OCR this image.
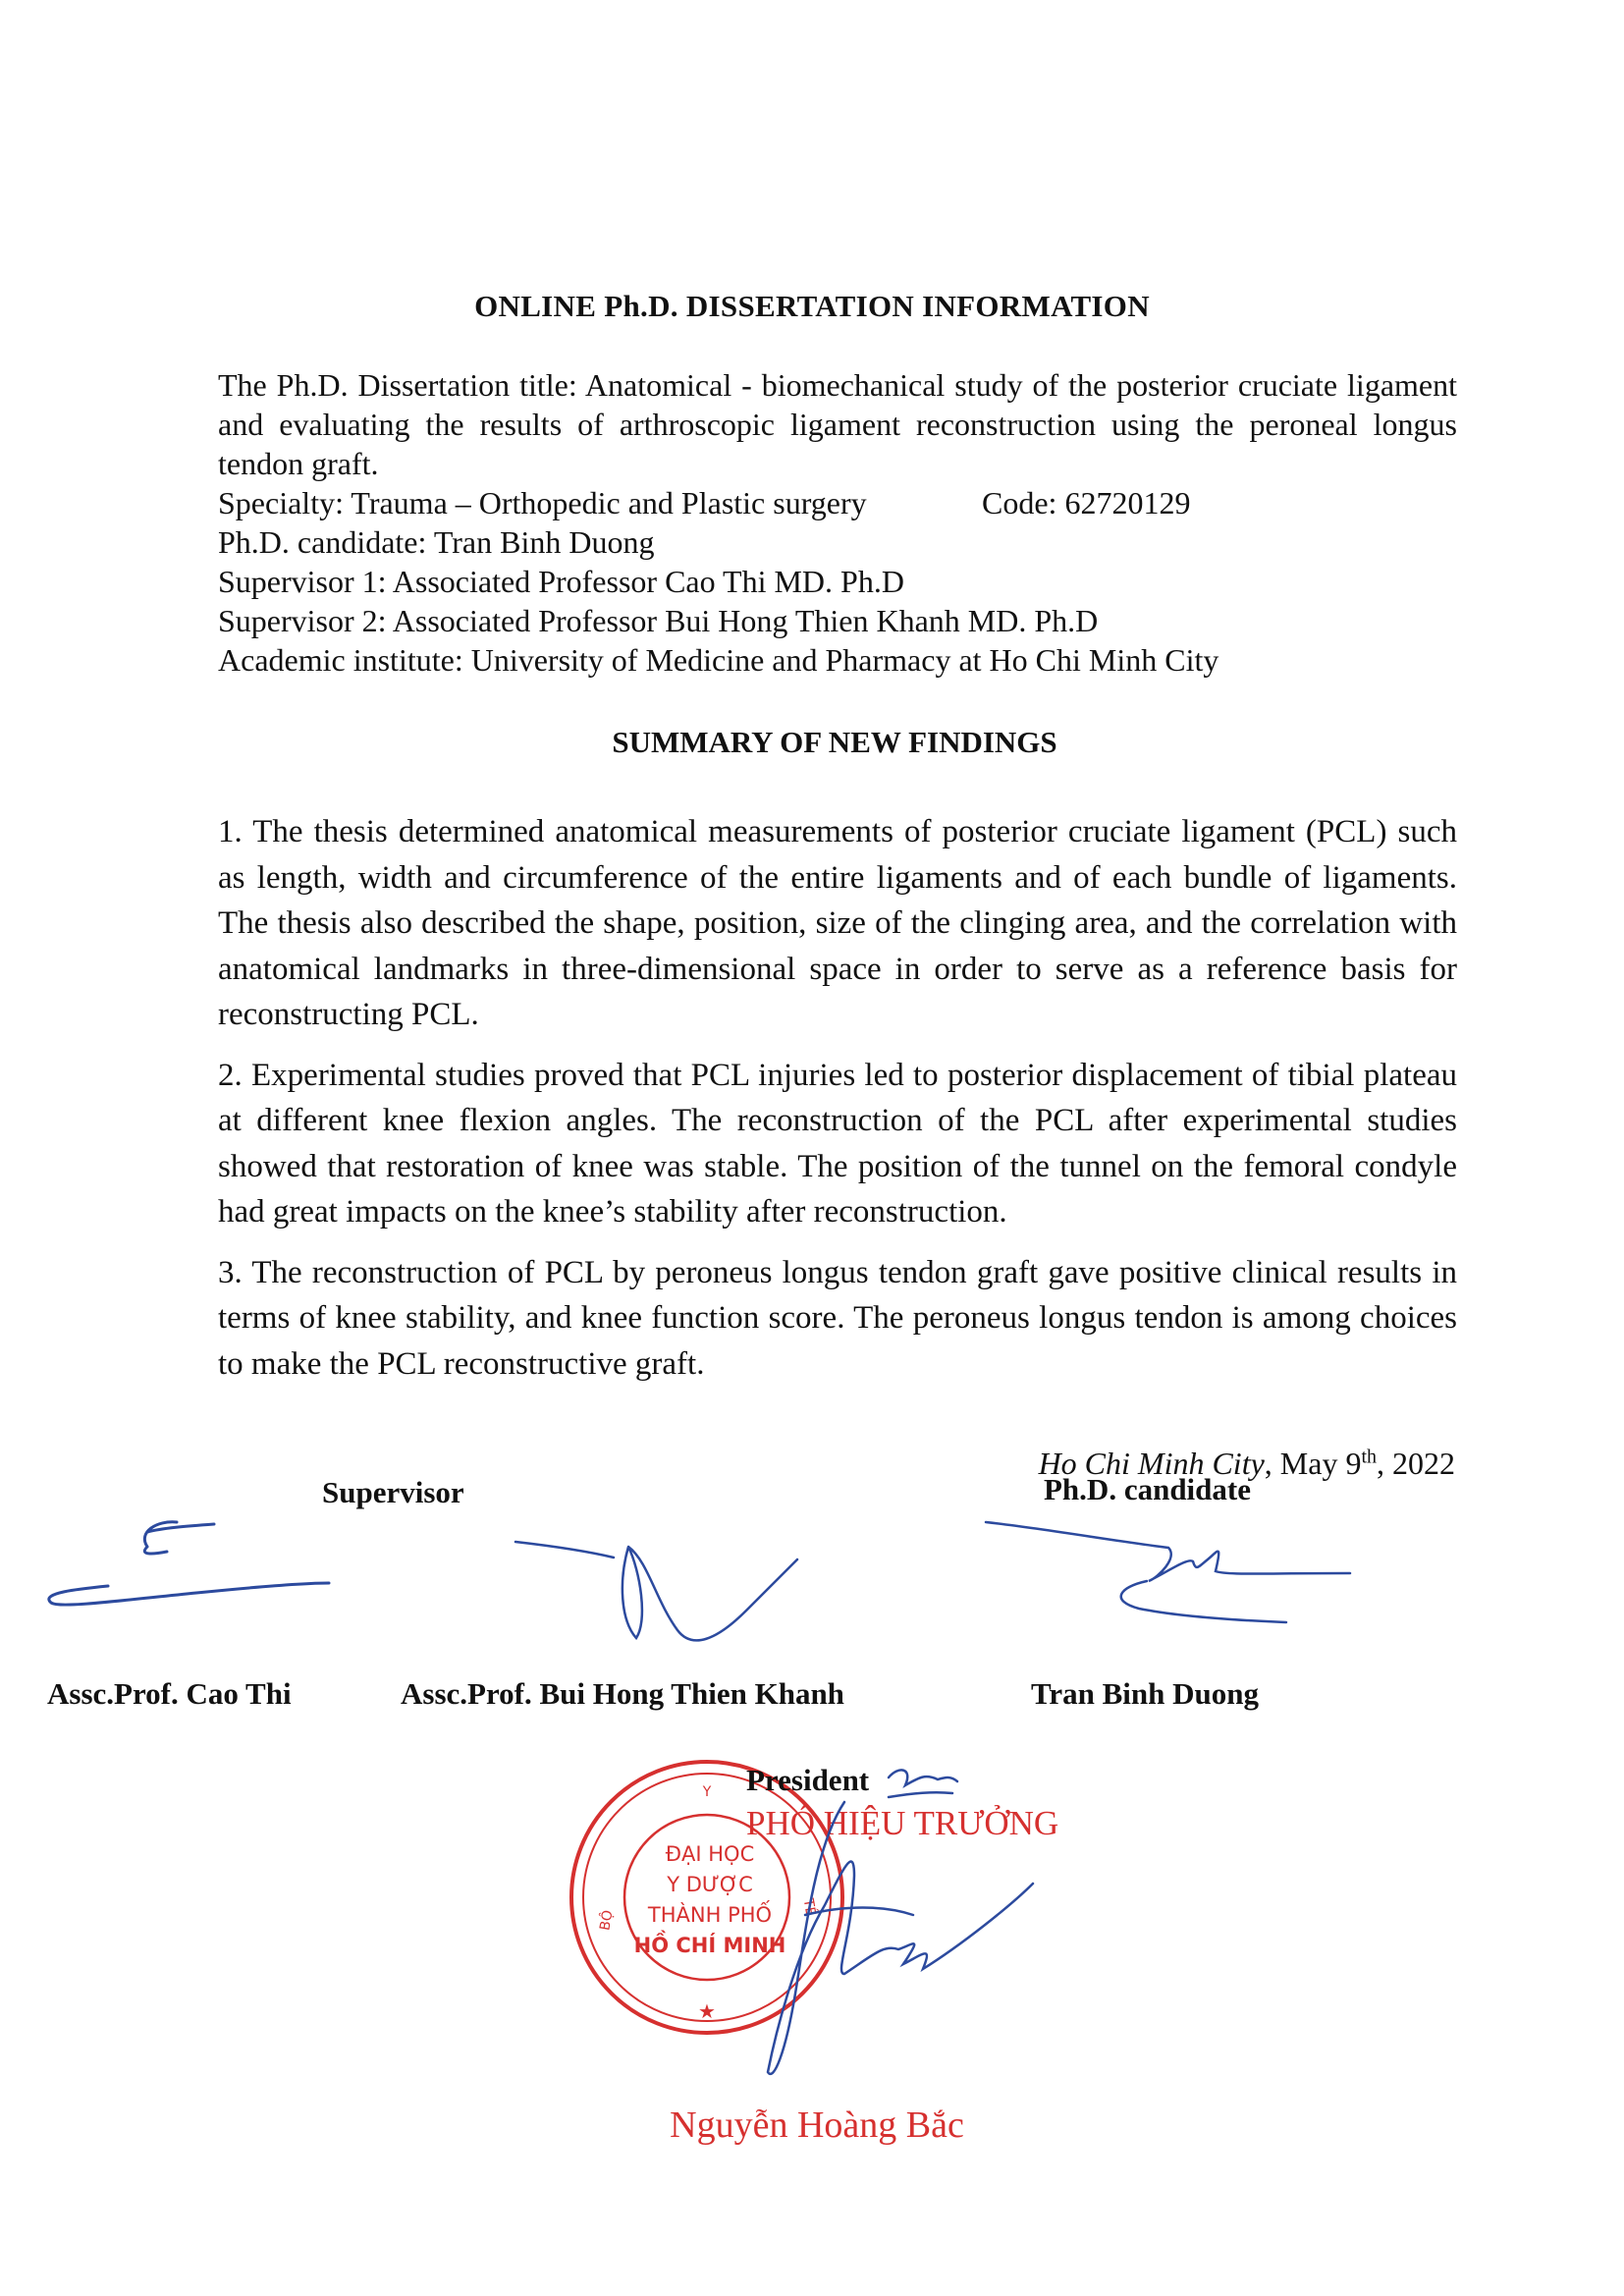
ONLINE Ph.D. DISSERTATION INFORMATION

The Ph.D. Dissertation title: Anatomical - biomechanical study of the posterior cruciate ligament and evaluating the results of arthroscopic ligament reconstruction using the peroneal longus tendon graft.

Specialty: Trauma – Orthopedic and Plastic surgery	Code: 62720129

Ph.D. candidate: Tran Binh Duong

Supervisor 1: Associated Professor Cao Thi MD. Ph.D

Supervisor 2: Associated Professor Bui Hong Thien Khanh MD. Ph.D

Academic institute: University of Medicine and Pharmacy at Ho Chi Minh City

SUMMARY OF NEW FINDINGS

1. The thesis determined anatomical measurements of posterior cruciate ligament (PCL) such as length, width and circumference of the entire ligaments and of each bundle of ligaments. The thesis also described the shape, position, size of the clinging area, and the correlation with anatomical landmarks in three-dimensional space in order to serve as a reference basis for reconstructing PCL.

2. Experimental studies proved that PCL injuries led to posterior displacement of tibial plateau at different knee flexion angles. The reconstruction of the PCL after experimental studies showed that restoration of knee was stable. The position of the tunnel on the femoral condyle had great impacts on the knee’s stability after reconstruction.

3. The reconstruction of PCL by peroneus longus tendon graft gave positive clinical results in terms of knee stability, and knee function score. The peroneus longus tendon is among choices to make the PCL reconstructive graft.

Ho Chi Minh City, May 9th, 2022
Supervisor	Ph.D. candidate
Assc.Prof. Cao Thi	Assc.Prof. Bui Hong Thien Khanh	Tran Binh Duong
Y
BỘ
TẾ
ĐẠI HỌC
Y DƯỢC
THÀNH PHỐ
HỒ CHÍ MINH
★
President
PHÓ HIỆU TRƯỞNG
Nguyễn Hoàng Bắc
